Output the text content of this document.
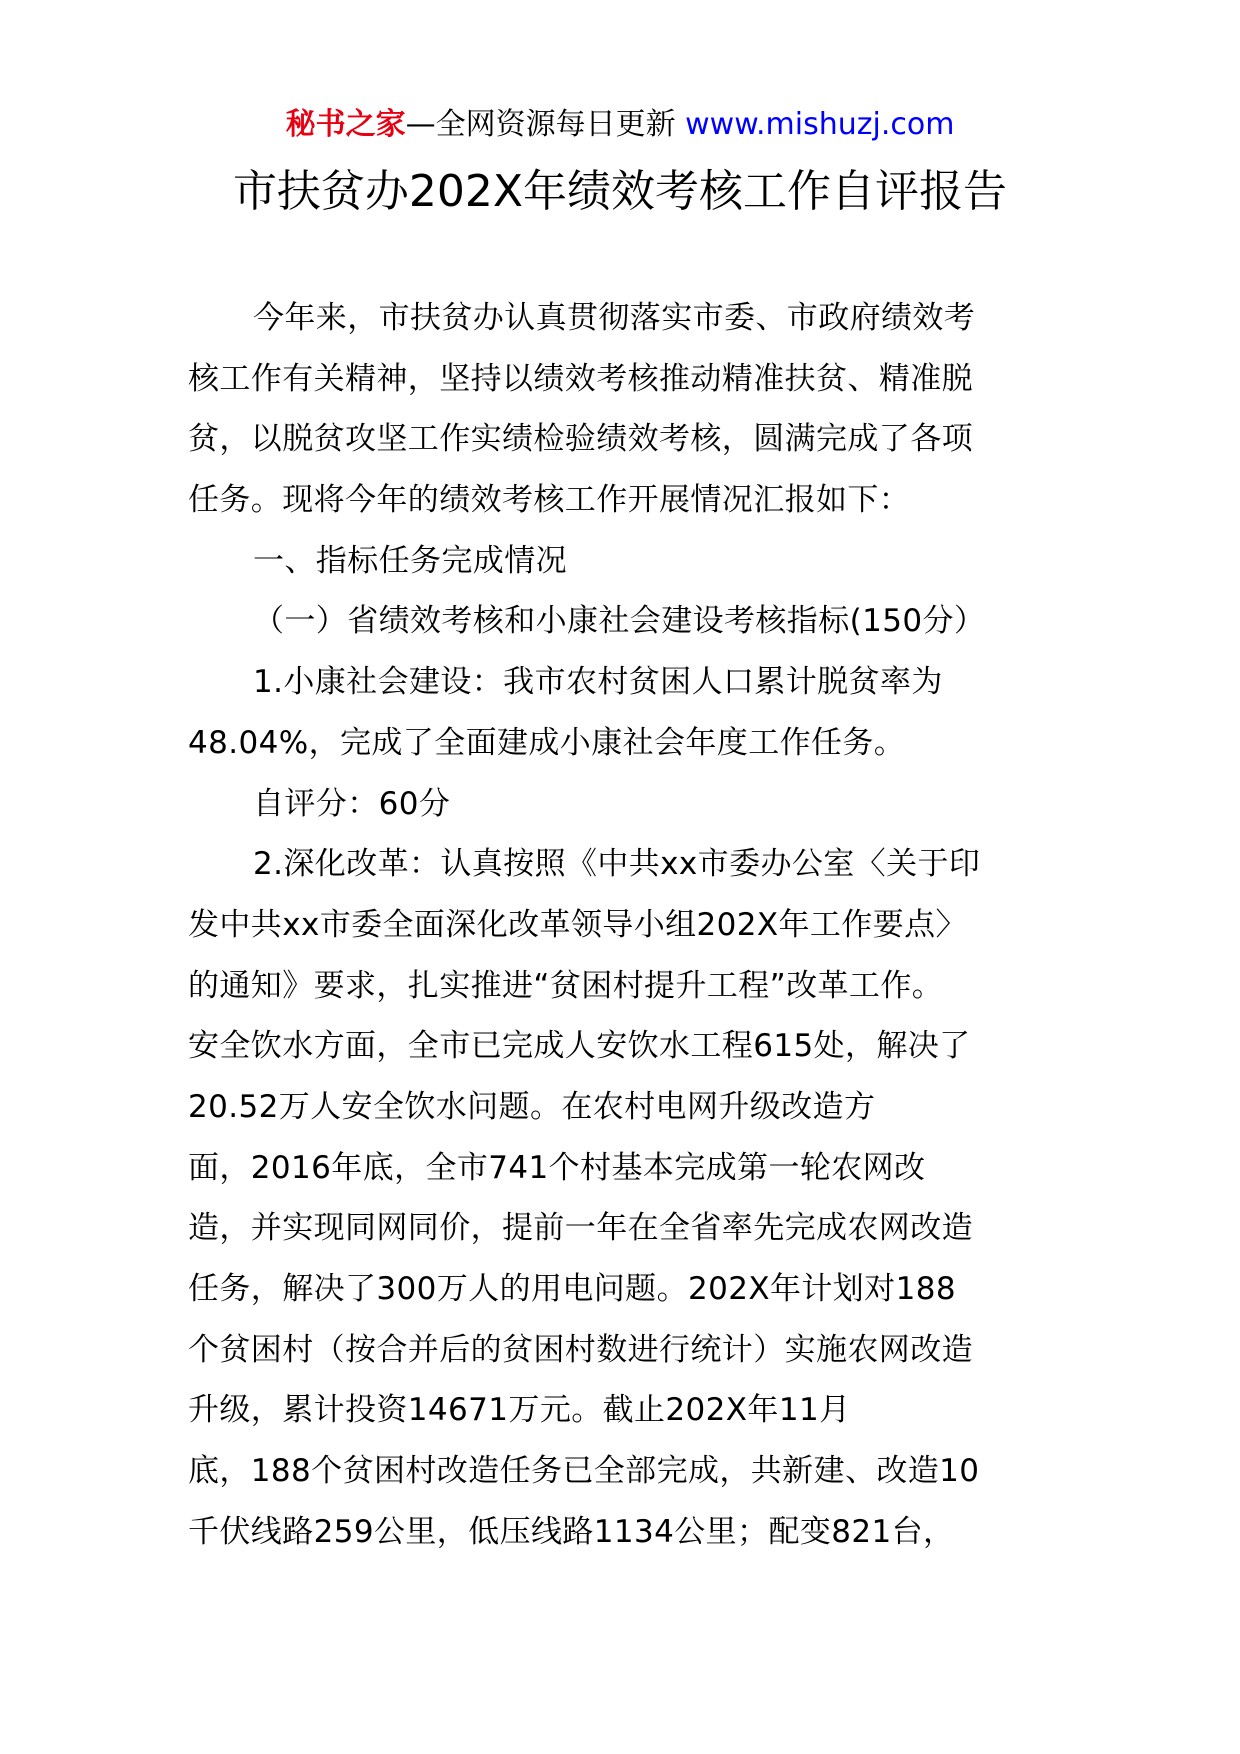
秘书之家—全网资源每日更新 www.mishuzj.com
市扶贫办202X年绩效考核工作自评报告
今年来，市扶贫办认真贯彻落实市委、市政府绩效考
核工作有关精神，坚持以绩效考核推动精准扶贫、精准脱
贫，以脱贫攻坚工作实绩检验绩效考核，圆满完成了各项
任务。现将今年的绩效考核工作开展情况汇报如下：
一、指标任务完成情况
（一）省绩效考核和小康社会建设考核指标(150分）
1.小康社会建设：我市农村贫困人口累计脱贫率为
48.04%，完成了全面建成小康社会年度工作任务。
自评分：60分
2.深化改革：认真按照《中共xx市委办公室〈关于印
发中共xx市委全面深化改革领导小组202X年工作要点〉
的通知》要求，扎实推进“贫困村提升工程”改革工作。
安全饮水方面，全市已完成人安饮水工程615处，解决了
20.52万人安全饮水问题。在农村电网升级改造方
面，2016年底，全市741个村基本完成第一轮农网改
造，并实现同网同价，提前一年在全省率先完成农网改造
任务，解决了300万人的用电问题。202X年计划对188
个贫困村（按合并后的贫困村数进行统计）实施农网改造
升级，累计投资14671万元。截止202X年11月
底，188个贫困村改造任务已全部完成，共新建、改造10
千伏线路259公里，低压线路1134公里；配变821台，
